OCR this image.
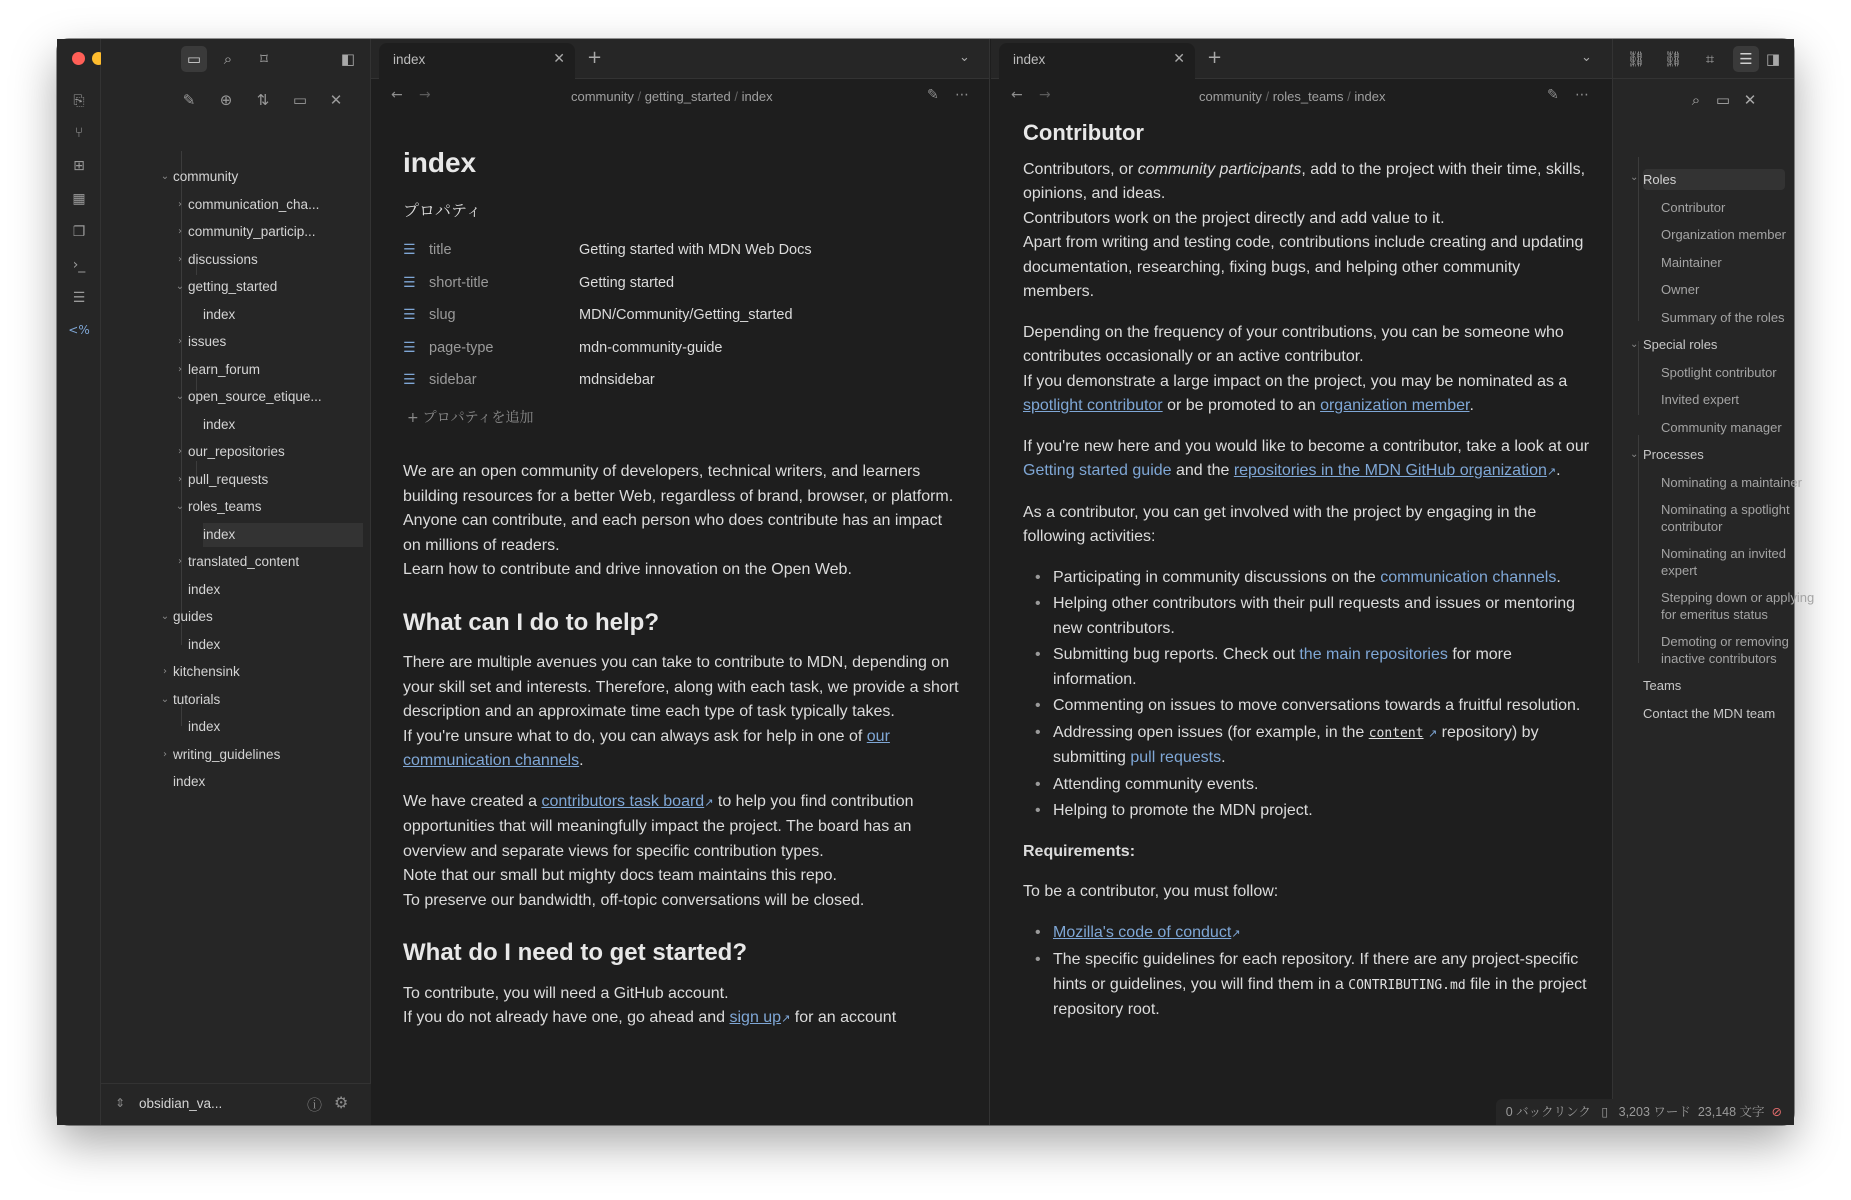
⎘
⑂
⊞
▦
❐
›_
☰
<%
▭	⌕	⌑	◧
✎	⊕	⇅	▭	✕
⌄ community
› communication_cha...
› community_particip...
› discussions
⌄ getting_started
index
› issues
› learn_forum
⌄ open_source_etique...
index
› our_repositories
› pull_requests
⌄ roles_teams
index
› translated_content
index
⌄ guides
index
› kitchensink
⌄ tutorials
index
› writing_guidelines
index
⇕ obsidian_va...	ⓘ ⚙
index	✕ +	⌄
← →	community / getting_started / index	✎ ⋯
index
プロパティ
☰ title	Getting started with MDN Web Docs
☰ short-title	Getting started
☰ slug	MDN/Community/Getting_started
☰ page-type	mdn-community-guide
☰ sidebar	mdnsidebar
+ プロパティを追加

We are an open community of developers, technical writers, and learners building resources for a better Web, regardless of brand, browser, or platform.
Anyone can contribute, and each person who does contribute has an impact on millions of readers.
Learn how to contribute and drive innovation on the Open Web.

What can I do to help?

There are multiple avenues you can take to contribute to MDN, depending on your skill set and interests. Therefore, along with each task, we provide a short description and an approximate time each type of task typically takes.
If you're unsure what to do, you can always ask for help in one of our communication channels.

We have created a contributors task board↗ to help you find contribution opportunities that will meaningfully impact the project. The board has an overview and separate views for specific contribution types.
Note that our small but mighty docs team maintains this repo.
To preserve our bandwidth, off-topic conversations will be closed.

What do I need to get started?

To contribute, you will need a GitHub account.
If you do not already have one, go ahead and sign up↗ for an account

index	✕ +	⌄
← →	community / roles_teams / index	✎ ⋯
Contributor

Contributors, or community participants, add to the project with their time, skills, opinions, and ideas.
Contributors work on the project directly and add value to it.
Apart from writing and testing code, contributions include creating and updating documentation, researching, fixing bugs, and helping other community members.

Depending on the frequency of your contributions, you can be someone who contributes occasionally or an active contributor.
If you demonstrate a large impact on the project, you may be nominated as a spotlight contributor or be promoted to an organization member.

If you're new here and you would like to become a contributor, take a look at our Getting started guide and the repositories in the MDN GitHub organization↗.

As a contributor, you can get involved with the project by engaging in the following activities:

• Participating in community discussions on the communication channels.
• Helping other contributors with their pull requests and issues or mentoring new contributors.
• Submitting bug reports. Check out the main repositories for more information.
• Commenting on issues to move conversations towards a fruitful resolution.
• Addressing open issues (for example, in the content ↗ repository) by submitting pull requests.
• Attending community events.
• Helping to promote the MDN project.

Requirements:

To be a contributor, you must follow:

• Mozilla's code of conduct↗
• The specific guidelines for each repository. If there are any project-specific hints or guidelines, you will find them in a CONTRIBUTING.md file in the project repository root.
⛓ ⛓	⌗	☰ ◨
⌕	▭ ✕
⌄ Roles
Contributor
Organization member
Maintainer
Owner
Summary of the roles
⌄ Special roles
Spotlight contributor
Invited expert
Community manager
⌄ Processes
Nominating a maintainer
Nominating a spotlight
contributor
Nominating an invited
expert
Stepping down or applying
for emeritus status
Demoting or removing
inactive contributors
Teams
Contact the MDN team
0 バックリンク ▯ 3,203 ワード 23,148 文字 ⊘
